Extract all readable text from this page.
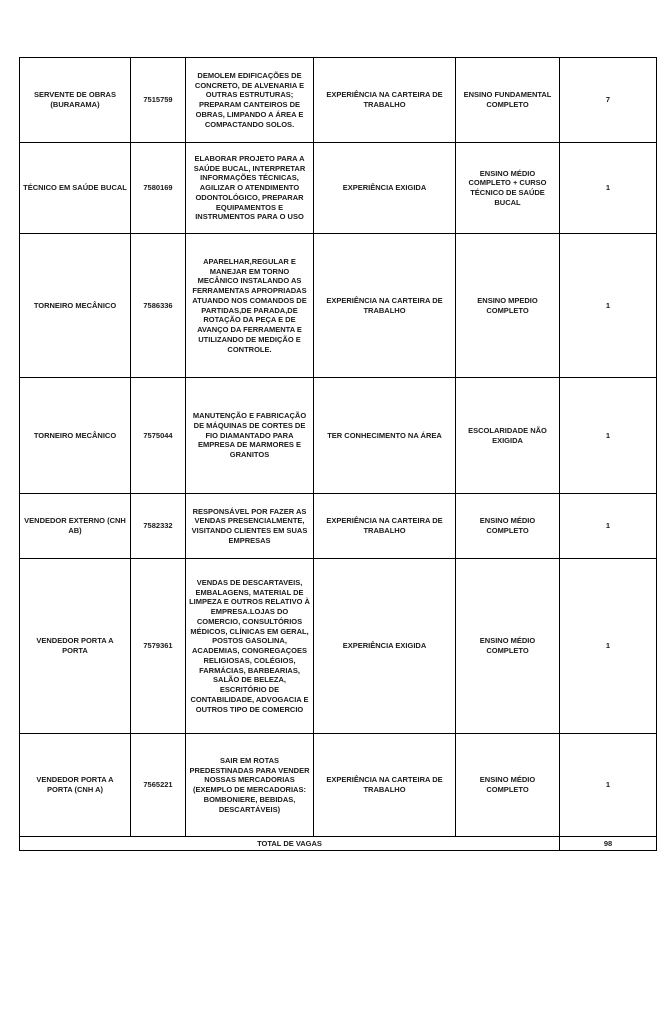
SERVENTE DE OBRAS (BURARAMA)	7515759	DEMOLEM EDIFICAÇÕES DE CONCRETO, DE ALVENARIA E OUTRAS ESTRUTURAS; PREPARAM CANTEIROS DE OBRAS, LIMPANDO A ÁREA E COMPACTANDO SOLOS.	EXPERIÊNCIA NA CARTEIRA DE TRABALHO	ENSINO FUNDAMENTAL COMPLETO	7
TÉCNICO EM SAÚDE BUCAL	7580169	ELABORAR PROJETO PARA A SAÚDE BUCAL, INTERPRETAR INFORMAÇÕES TÉCNICAS, AGILIZAR O ATENDIMENTO ODONTOLÓGICO, PREPARAR EQUIPAMENTOS E INSTRUMENTOS PARA O USO	EXPERIÊNCIA EXIGIDA	ENSINO MÉDIO COMPLETO + CURSO TÉCNICO DE SAÚDE BUCAL	1
TORNEIRO MECÂNICO	7586336	APARELHAR,REGULAR E MANEJAR EM TORNO MECÂNICO INSTALANDO AS FERRAMENTAS APROPRIADAS ATUANDO NOS COMANDOS DE PARTIDAS,DE PARADA,DE ROTAÇÃO DA PEÇA E DE AVANÇO DA FERRAMENTA E UTILIZANDO DE MEDIÇÃO E CONTROLE.	EXPERIÊNCIA NA CARTEIRA DE TRABALHO	ENSINO MPEDIO COMPLETO	1
TORNEIRO MECÂNICO	7575044	MANUTENÇÃO E FABRICAÇÃO DE MÁQUINAS DE CORTES DE FIO DIAMANTADO PARA EMPRESA DE MARMORES E GRANITOS	TER CONHECIMENTO NA ÁREA	ESCOLARIDADE NÃO EXIGIDA	1
VENDEDOR EXTERNO (CNH AB)	7582332	RESPONSÁVEL POR FAZER AS VENDAS PRESENCIALMENTE, VISITANDO CLIENTES EM SUAS EMPRESAS	EXPERIÊNCIA NA CARTEIRA DE TRABALHO	ENSINO MÉDIO COMPLETO	1
VENDEDOR PORTA A PORTA	7579361	VENDAS DE DESCARTAVEIS, EMBALAGENS, MATERIAL DE LIMPEZA E OUTROS RELATIVO À EMPRESA.LOJAS DO COMERCIO, CONSULTÓRIOS MÉDICOS, CLÍNICAS EM GERAL, POSTOS GASOLINA, ACADEMIAS, CONGREGAÇOES RELIGIOSAS, COLÉGIOS, FARMÁCIAS, BARBEARIAS, SALÃO DE BELEZA, ESCRITÓRIO DE CONTABILIDADE, ADVOGACIA E OUTROS TIPO DE COMERCIO	EXPERIÊNCIA EXIGIDA	ENSINO MÉDIO COMPLETO	1
VENDEDOR PORTA A PORTA (CNH A)	7565221	SAIR EM ROTAS PREDESTINADAS PARA VENDER NOSSAS MERCADORIAS (EXEMPLO DE MERCADORIAS: BOMBONIERE, BEBIDAS, DESCARTÁVEIS)	EXPERIÊNCIA NA CARTEIRA DE TRABALHO	ENSINO MÉDIO COMPLETO	1
TOTAL DE VAGAS					98
